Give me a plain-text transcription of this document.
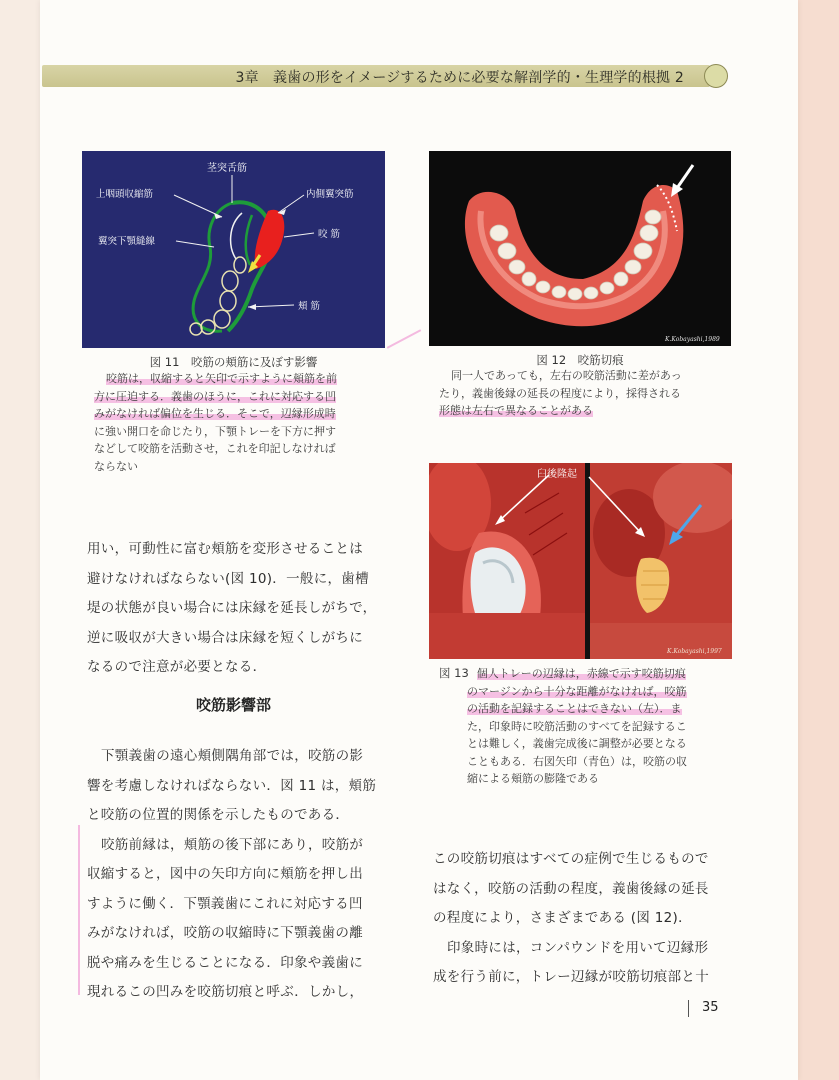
3章　義歯の形をイメージするために必要な解剖学的・生理学的根拠 2
茎突舌筋
上咽頭収縮筋	内側翼突筋
咬 筋
翼突下顎縫線
頬 筋
図 11　咬筋の頬筋に及ぼす影響
咬筋は，収縮すると矢印で示すように頬筋を前
方に圧迫する．義歯のほうに，これに対応する凹
みがなければ偏位を生じる．そこで，辺縁形成時
に強い開口を命じたり，下顎トレーを下方に押す
などして咬筋を活動させ，これを印記しなければ
ならない
K.Kobayashi,1989
図 12　咬筋切痕
同一人であっても，左右の咬筋活動に差があっ
たり，義歯後縁の延長の程度により，採得される
形態は左右で異なることがある
臼後隆起
K.Kobayashi,1997
図 13 個人トレーの辺縁は，赤線で示す咬筋切痕
のマージンから十分な距離がなければ，咬筋
の活動を記録することはできない（左）．ま
た，印象時に咬筋活動のすべてを記録するこ
とは難しく，義歯完成後に調整が必要となる
こともある．右図矢印（青色）は，咬筋の収
縮による頬筋の膨隆である
用い，可動性に富む頬筋を変形させることは
避けなければならない(図 10)．一般に，歯槽
堤の状態が良い場合には床縁を延長しがちで，
逆に吸収が大きい場合は床縁を短くしがちに
なるので注意が必要となる．
咬筋影響部
下顎義歯の遠心頬側隅角部では，咬筋の影
響を考慮しなければならない．図 11 は，頬筋
と咬筋の位置的関係を示したものである．
咬筋前縁は，頬筋の後下部にあり，咬筋が
収縮すると，図中の矢印方向に頬筋を押し出
すように働く．下顎義歯にこれに対応する凹
みがなければ，咬筋の収縮時に下顎義歯の離
脱や痛みを生じることになる．印象や義歯に
現れるこの凹みを咬筋切痕と呼ぶ．しかし，
この咬筋切痕はすべての症例で生じるもので
はなく，咬筋の活動の程度，義歯後縁の延長
の程度により，さまざまである (図 12)．
印象時には，コンパウンドを用いて辺縁形
成を行う前に，トレー辺縁が咬筋切痕部と十
35
